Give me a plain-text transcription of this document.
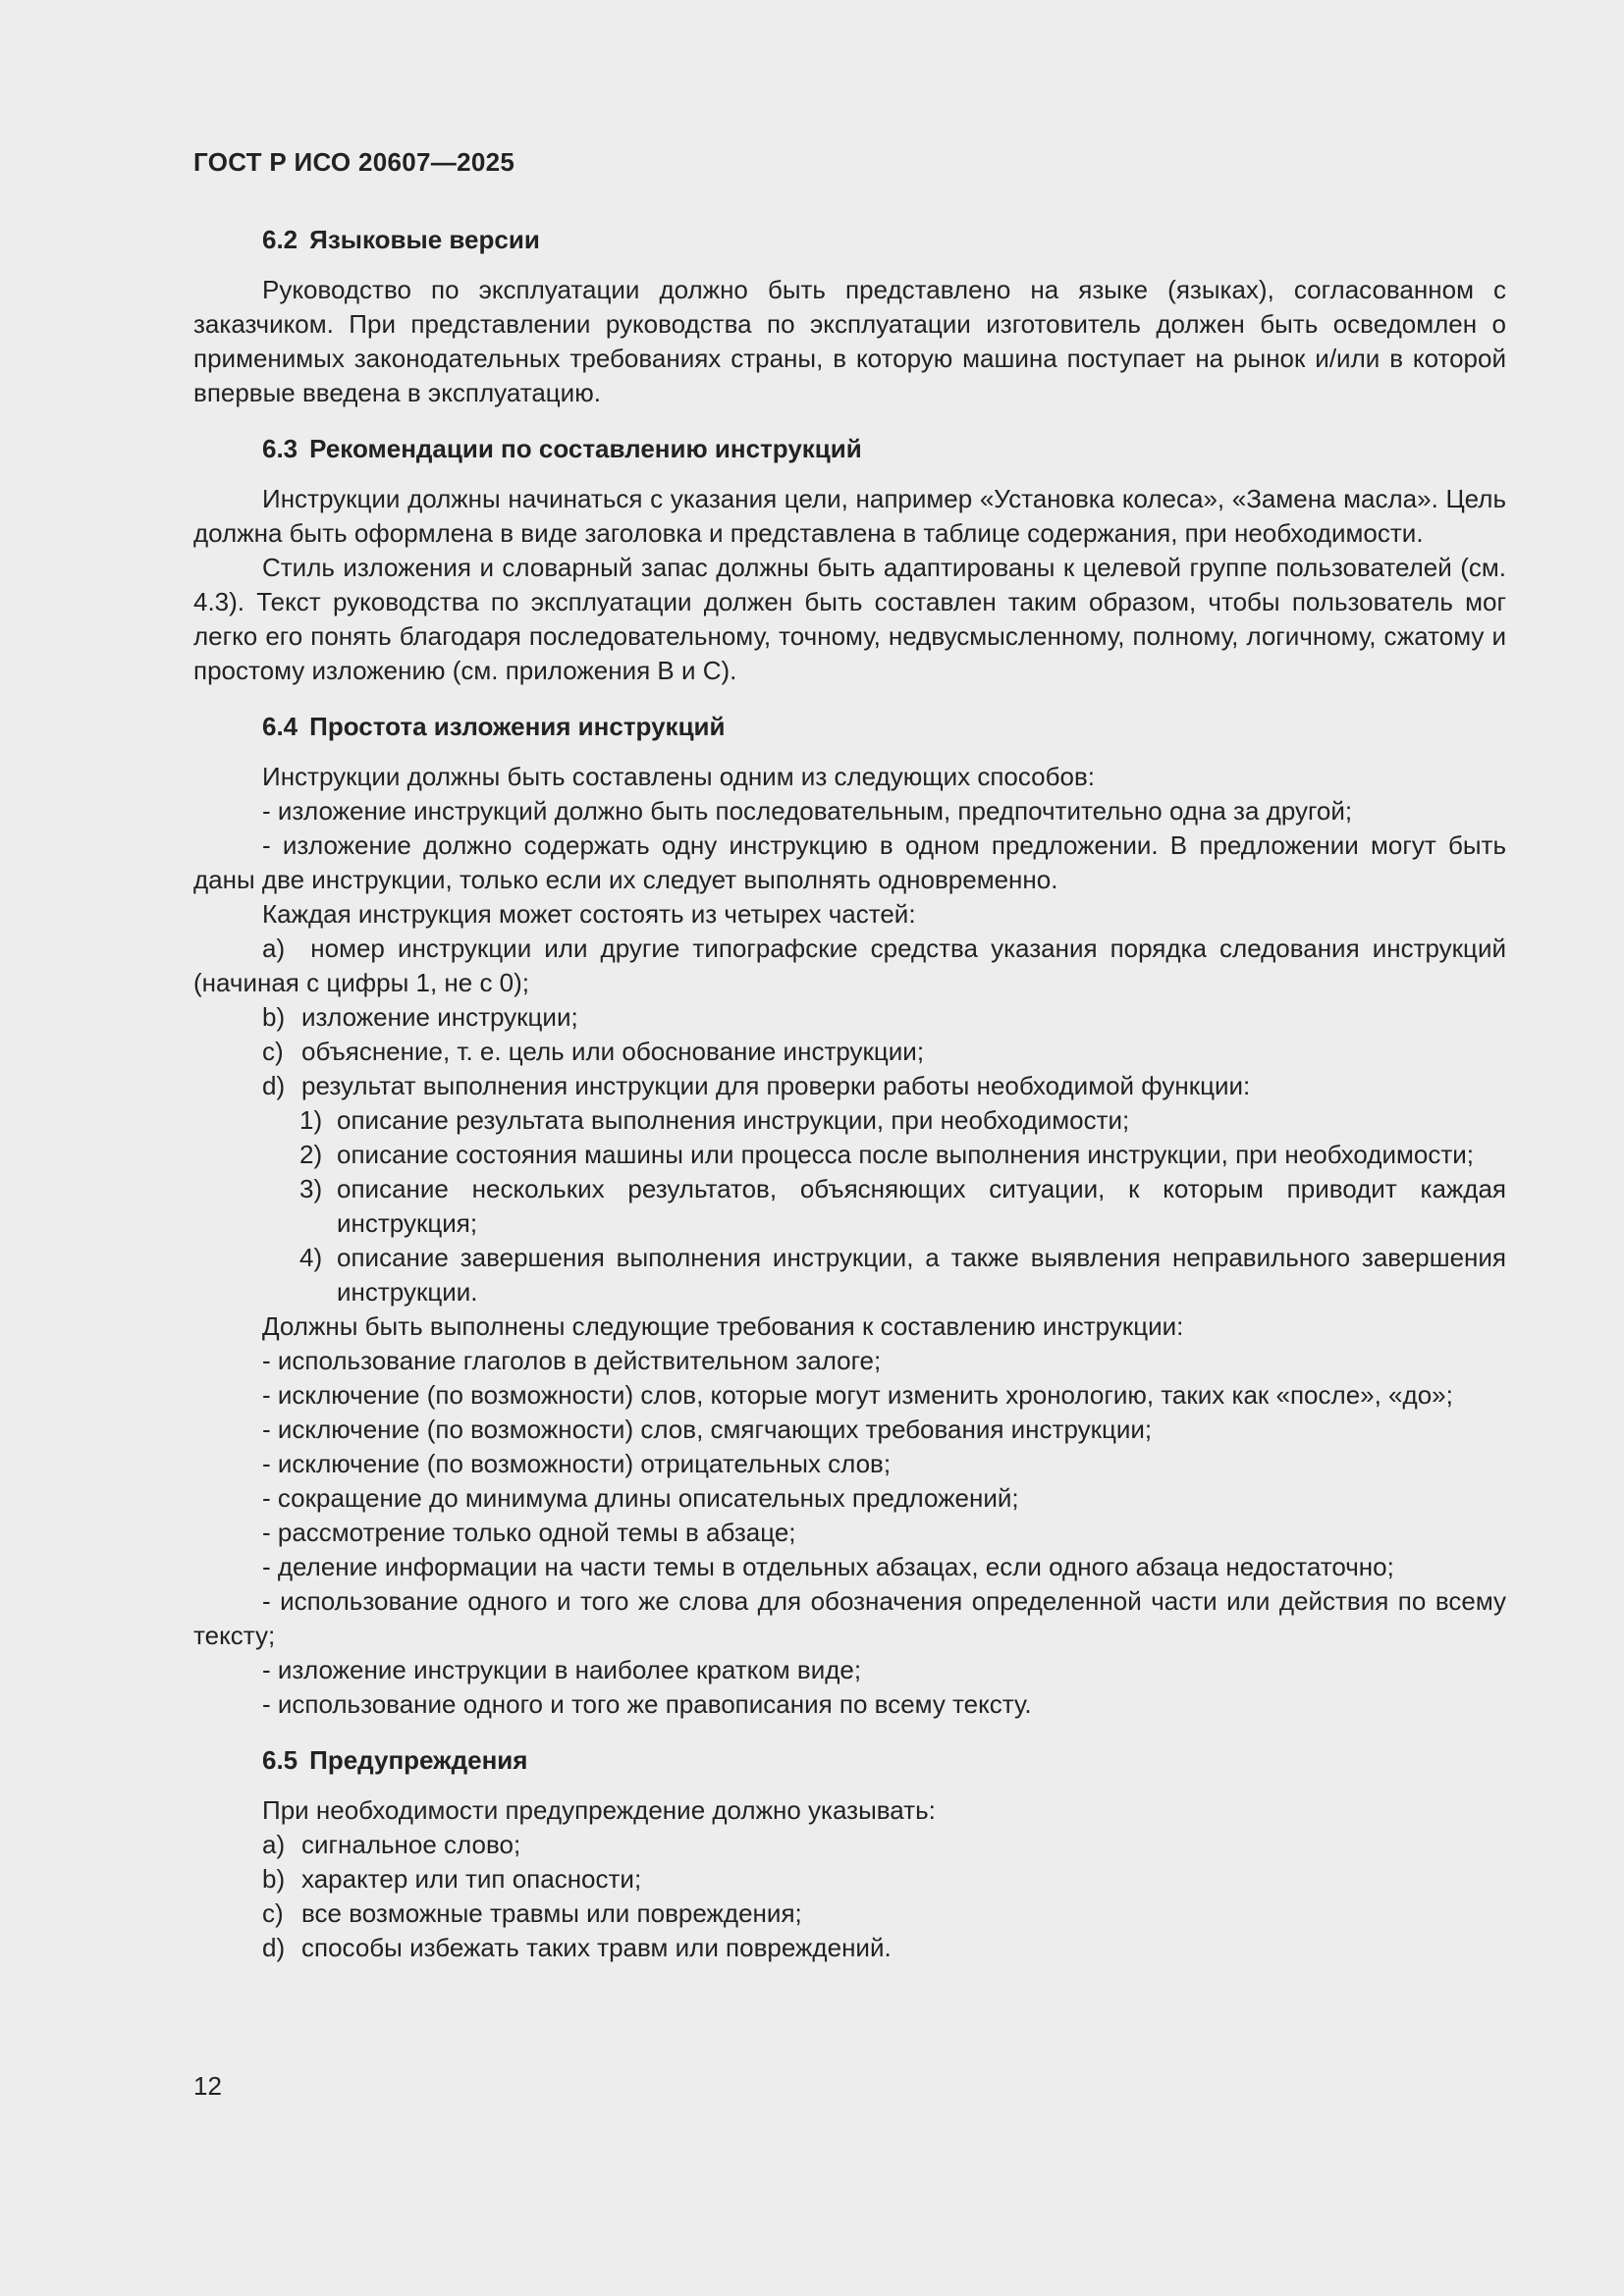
ГОСТ Р ИСО 20607—2025
6.2 Языковые версии

Руководство по эксплуатации должно быть представлено на языке (языках), согласованном с заказчиком. При представлении руководства по эксплуатации изготовитель должен быть осведомлен о применимых законодательных требованиях страны, в которую машина поступает на рынок и/или в которой впервые введена в эксплуатацию.

6.3 Рекомендации по составлению инструкций

Инструкции должны начинаться с указания цели, например «Установка колеса», «Замена масла». Цель должна быть оформлена в виде заголовка и представлена в таблице содержания, при необходимости.

Стиль изложения и словарный запас должны быть адаптированы к целевой группе пользователей (см. 4.3). Текст руководства по эксплуатации должен быть составлен таким образом, чтобы пользователь мог легко его понять благодаря последовательному, точному, недвусмысленному, полному, логичному, сжатому и простому изложению (см. приложения В и С).

6.4 Простота изложения инструкций

Инструкции должны быть составлены одним из следующих способов:

- изложение инструкций должно быть последовательным, предпочтительно одна за другой;

- изложение должно содержать одну инструкцию в одном предложении. В предложении могут быть даны две инструкции, только если их следует выполнять одновременно.

Каждая инструкция может состоять из четырех частей:

a) номер инструкции или другие типографские средства указания порядка следования инструкций (начиная с цифры 1, не с 0);

b) изложение инструкции;
c) объяснение, т. е. цель или обоснование инструкции;
d) результат выполнения инструкции для проверки работы необходимой функции:
1) описание результата выполнения инструкции, при необходимости;
2) описание состояния машины или процесса после выполнения инструкции, при необходимости;
3) описание нескольких результатов, объясняющих ситуации, к которым приводит каждая инструкция;
4) описание завершения выполнения инструкции, а также выявления неправильного завершения инструкции.

Должны быть выполнены следующие требования к составлению инструкции:

- использование глаголов в действительном залоге;

- исключение (по возможности) слов, которые могут изменить хронологию, таких как «после», «до»;

- исключение (по возможности) слов, смягчающих требования инструкции;

- исключение (по возможности) отрицательных слов;

- сокращение до минимума длины описательных предложений;

- рассмотрение только одной темы в абзаце;

- деление информации на части темы в отдельных абзацах, если одного абзаца недостаточно;

- использование одного и того же слова для обозначения определенной части или действия по всему тексту;

- изложение инструкции в наиболее кратком виде;

- использование одного и того же правописания по всему тексту.

6.5 Предупреждения

При необходимости предупреждение должно указывать:

a) сигнальное слово;
b) характер или тип опасности;
c) все возможные травмы или повреждения;
d) способы избежать таких травм или повреждений.
12
